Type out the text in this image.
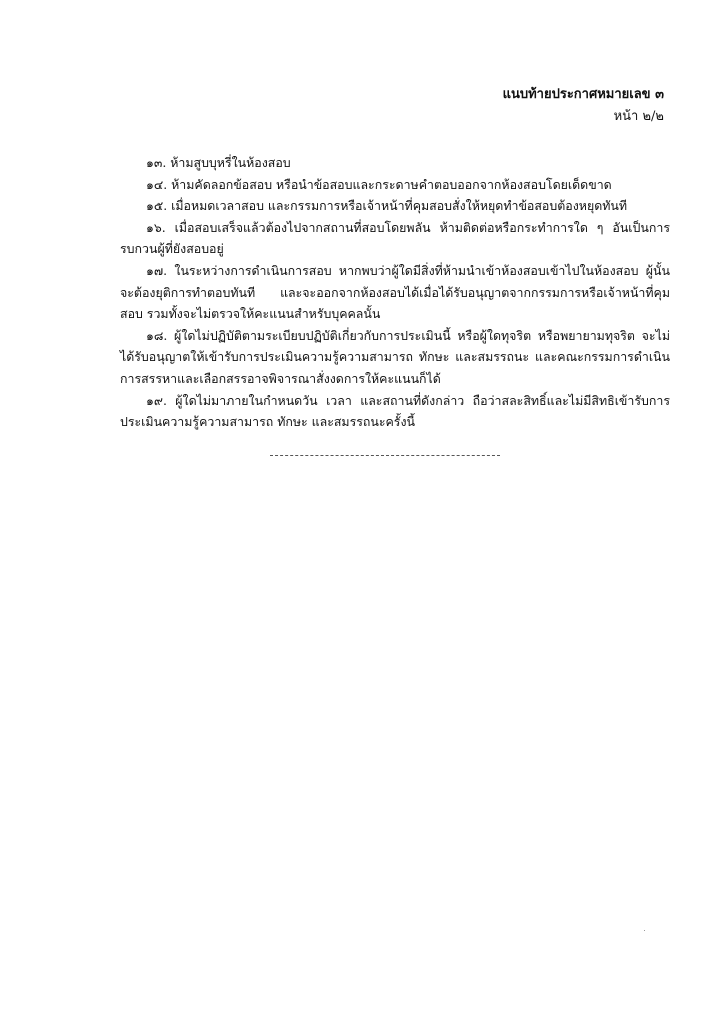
แนบท้ายประกาศหมายเลข ๓
หน้า ๒/๒

๑๓. ห้ามสูบบุหรี่ในห้องสอบ

๑๔. ห้ามคัดลอกข้อสอบ หรือนำข้อสอบและกระดาษคำตอบออกจากห้องสอบโดยเด็ดขาด

๑๕. เมื่อหมดเวลาสอบ และกรรมการหรือเจ้าหน้าที่คุมสอบสั่งให้หยุดทำข้อสอบต้องหยุดทันที

๑๖. เมื่อสอบเสร็จแล้วต้องไปจากสถานที่สอบโดยพลัน ห้ามติดต่อหรือกระทำการใด ๆ อันเป็นการรบกวนผู้ที่ยังสอบอยู่

๑๗. ในระหว่างการดำเนินการสอบ หากพบว่าผู้ใดมีสิ่งที่ห้ามนำเข้าห้องสอบเข้าไปในห้องสอบ ผู้นั้นจะต้องยุติการทำตอบทันที และจะออกจากห้องสอบได้เมื่อได้รับอนุญาตจากกรรมการหรือเจ้าหน้าที่คุมสอบ รวมทั้งจะไม่ตรวจให้คะแนนสำหรับบุคคลนั้น

๑๘. ผู้ใดไม่ปฏิบัติตามระเบียบปฏิบัติเกี่ยวกับการประเมินนี้ หรือผู้ใดทุจริต หรือพยายามทุจริต จะไม่ได้รับอนุญาตให้เข้ารับการประเมินความรู้ความสามารถ ทักษะ และสมรรถนะ และคณะกรรมการดำเนินการสรรหาและเลือกสรรอาจพิจารณาสั่งงดการให้คะแนนก็ได้

๑๙. ผู้ใดไม่มาภายในกำหนดวัน เวลา และสถานที่ดังกล่าว ถือว่าสละสิทธิ์และไม่มีสิทธิเข้ารับการประเมินความรู้ความสามารถ ทักษะ และสมรรถนะครั้งนี้
